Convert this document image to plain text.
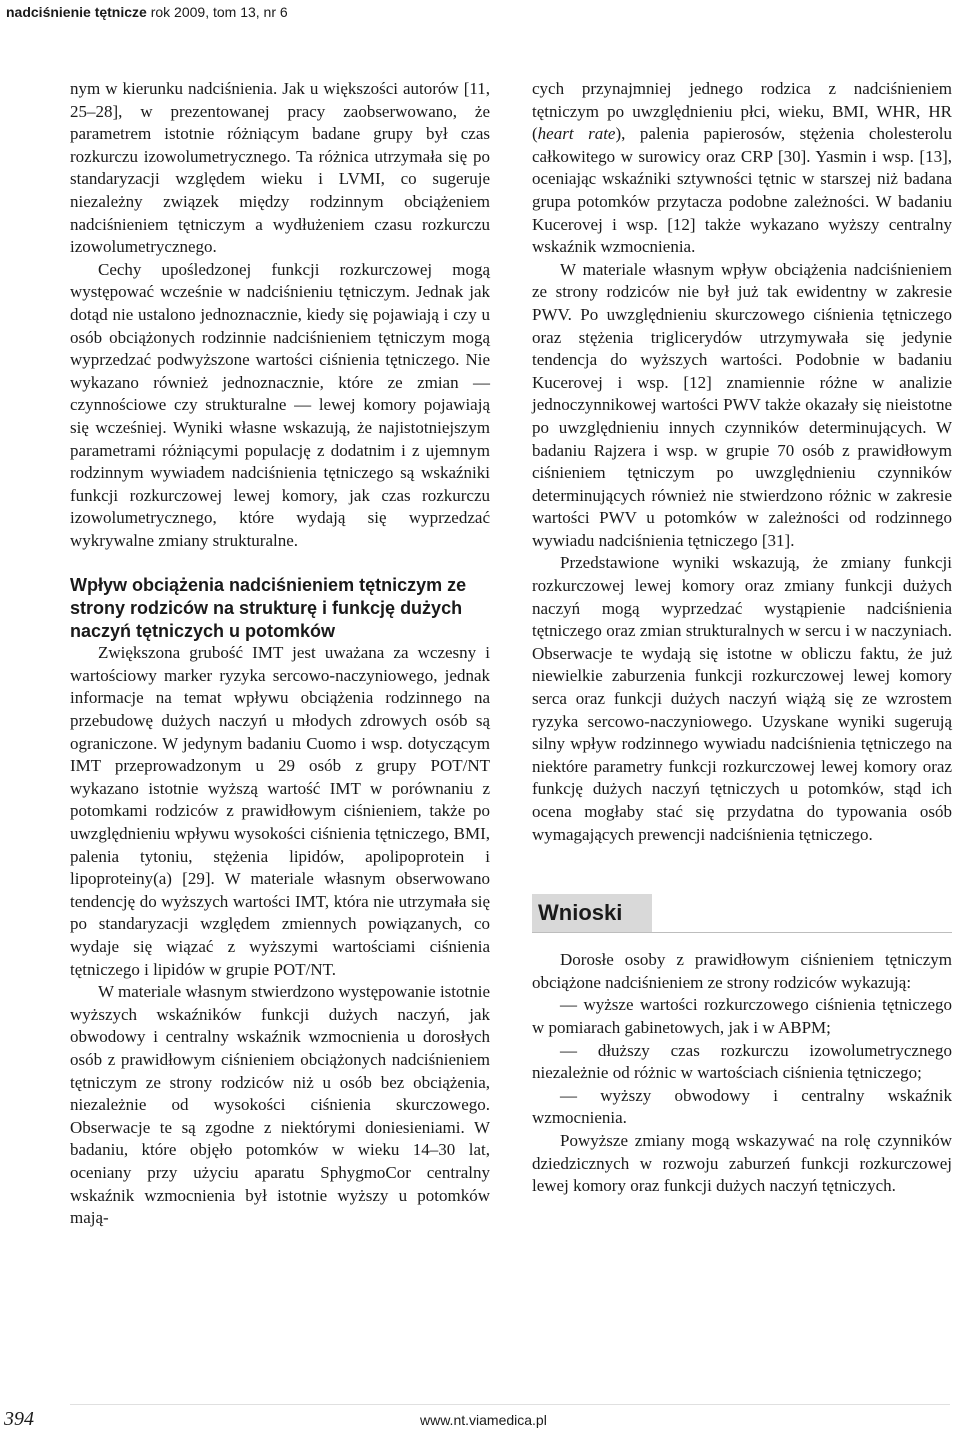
nadciśnienie tętnicze rok 2009, tom 13, nr 6

nym w kierunku nadciśnienia. Jak u większości autorów [11, 25–28], w prezentowanej pracy zaobserwowano, że parametrem istotnie różniącym badane grupy był czas rozkurczu izowolumetrycznego. Ta różnica utrzymała się po standaryzacji względem wieku i LVMI, co sugeruje niezależny związek między rodzinnym obciążeniem nadciśnieniem tętniczym a wydłużeniem czasu rozkurczu izowolumetrycznego.

Cechy upośledzonej funkcji rozkurczowej mogą występować wcześnie w nadciśnieniu tętniczym. Jednak jak dotąd nie ustalono jednoznacznie, kiedy się pojawiają i czy u osób obciążonych rodzinnie nadciśnieniem tętniczym mogą wyprzedzać podwyższone wartości ciśnienia tętniczego. Nie wykazano również jednoznacznie, które ze zmian — czynnościowe czy strukturalne — lewej komory pojawiają się wcześniej. Wyniki własne wskazują, że najistotniejszym parametrami różniącymi populację z dodatnim i z ujemnym rodzinnym wywiadem nadciśnienia tętniczego są wskaźniki funkcji rozkurczowej lewej komory, jak czas rozkurczu izowolumetrycznego, które wydają się wyprzedzać wykrywalne zmiany strukturalne.

Wpływ obciążenia nadciśnieniem tętniczym ze strony rodziców na strukturę i funkcję dużych naczyń tętniczych u potomków

Zwiększona grubość IMT jest uważana za wczesny i wartościowy marker ryzyka sercowo-naczyniowego, jednak informacje na temat wpływu obciążenia rodzinnego na przebudowę dużych naczyń u młodych zdrowych osób są ograniczone. W jedynym badaniu Cuomo i wsp. dotyczącym IMT przeprowadzonym u 29 osób z grupy POT/NT wykazano istotnie wyższą wartość IMT w porównaniu z potomkami rodziców z prawidłowym ciśnieniem, także po uwzględnieniu wpływu wysokości ciśnienia tętniczego, BMI, palenia tytoniu, stężenia lipidów, apolipoprotein i lipoproteiny(a) [29]. W materiale własnym obserwowano tendencję do wyższych wartości IMT, która nie utrzymała się po standaryzacji względem zmiennych powiązanych, co wydaje się wiązać z wyższymi wartościami ciśnienia tętniczego i lipidów w grupie POT/NT.

W materiale własnym stwierdzono występowanie istotnie wyższych wskaźników funkcji dużych naczyń, jak obwodowy i centralny wskaźnik wzmocnienia u dorosłych osób z prawidłowym ciśnieniem obciążonych nadciśnieniem tętniczym ze strony rodziców niż u osób bez obciążenia, niezależnie od wysokości ciśnienia skurczowego. Obserwacje te są zgodne z niektórymi doniesieniami. W badaniu, które objęło potomków w wieku 14–30 lat, oceniany przy użyciu aparatu SphygmoCor centralny wskaźnik wzmocnienia był istotnie wyższy u potomków mają-

cych przynajmniej jednego rodzica z nadciśnieniem tętniczym po uwzględnieniu płci, wieku, BMI, WHR, HR (heart rate), palenia papierosów, stężenia cholesterolu całkowitego w surowicy oraz CRP [30]. Yasmin i wsp. [13], oceniając wskaźniki sztywności tętnic w starszej niż badana grupa potomków przytacza podobne zależności. W badaniu Kucerovej i wsp. [12] także wykazano wyższy centralny wskaźnik wzmocnienia.

W materiale własnym wpływ obciążenia nadciśnieniem ze strony rodziców nie był już tak ewidentny w zakresie PWV. Po uwzględnieniu skurczowego ciśnienia tętniczego oraz stężenia triglicerydów utrzymywała się jedynie tendencja do wyższych wartości. Podobnie w badaniu Kucerovej i wsp. [12] znamiennie różne w analizie jednoczynnikowej wartości PWV także okazały się nieistotne po uwzględnieniu innych czynników determinujących. W badaniu Rajzera i wsp. w grupie 70 osób z prawidłowym ciśnieniem tętniczym po uwzględnieniu czynników determinujących również nie stwierdzono różnic w zakresie wartości PWV u potomków w zależności od rodzinnego wywiadu nadciśnienia tętniczego [31].

Przedstawione wyniki wskazują, że zmiany funkcji rozkurczowej lewej komory oraz zmiany funkcji dużych naczyń mogą wyprzedzać wystąpienie nadciśnienia tętniczego oraz zmian strukturalnych w sercu i w naczyniach. Obserwacje te wydają się istotne w obliczu faktu, że już niewielkie zaburzenia funkcji rozkurczowej lewej komory serca oraz funkcji dużych naczyń wiążą się ze wzrostem ryzyka sercowo-naczyniowego. Uzyskane wyniki sugerują silny wpływ rodzinnego wywiadu nadciśnienia tętniczego na niektóre parametry funkcji rozkurczowej lewej komory oraz funkcję dużych naczyń tętniczych u potomków, stąd ich ocena mogłaby stać się przydatna do typowania osób wymagających prewencji nadciśnienia tętniczego.

Wnioski

Dorosłe osoby z prawidłowym ciśnieniem tętniczym obciążone nadciśnieniem ze strony rodziców wykazują:

— wyższe wartości rozkurczowego ciśnienia tętniczego w pomiarach gabinetowych, jak i w ABPM;

— dłuższy czas rozkurczu izowolumetrycznego niezależnie od różnic w wartościach ciśnienia tętniczego;

— wyższy obwodowy i centralny wskaźnik wzmocnienia.

Powyższe zmiany mogą wskazywać na rolę czynników dziedzicznych w rozwoju zaburzeń funkcji rozkurczowej lewej komory oraz funkcji dużych naczyń tętniczych.

394	www.nt.viamedica.pl
